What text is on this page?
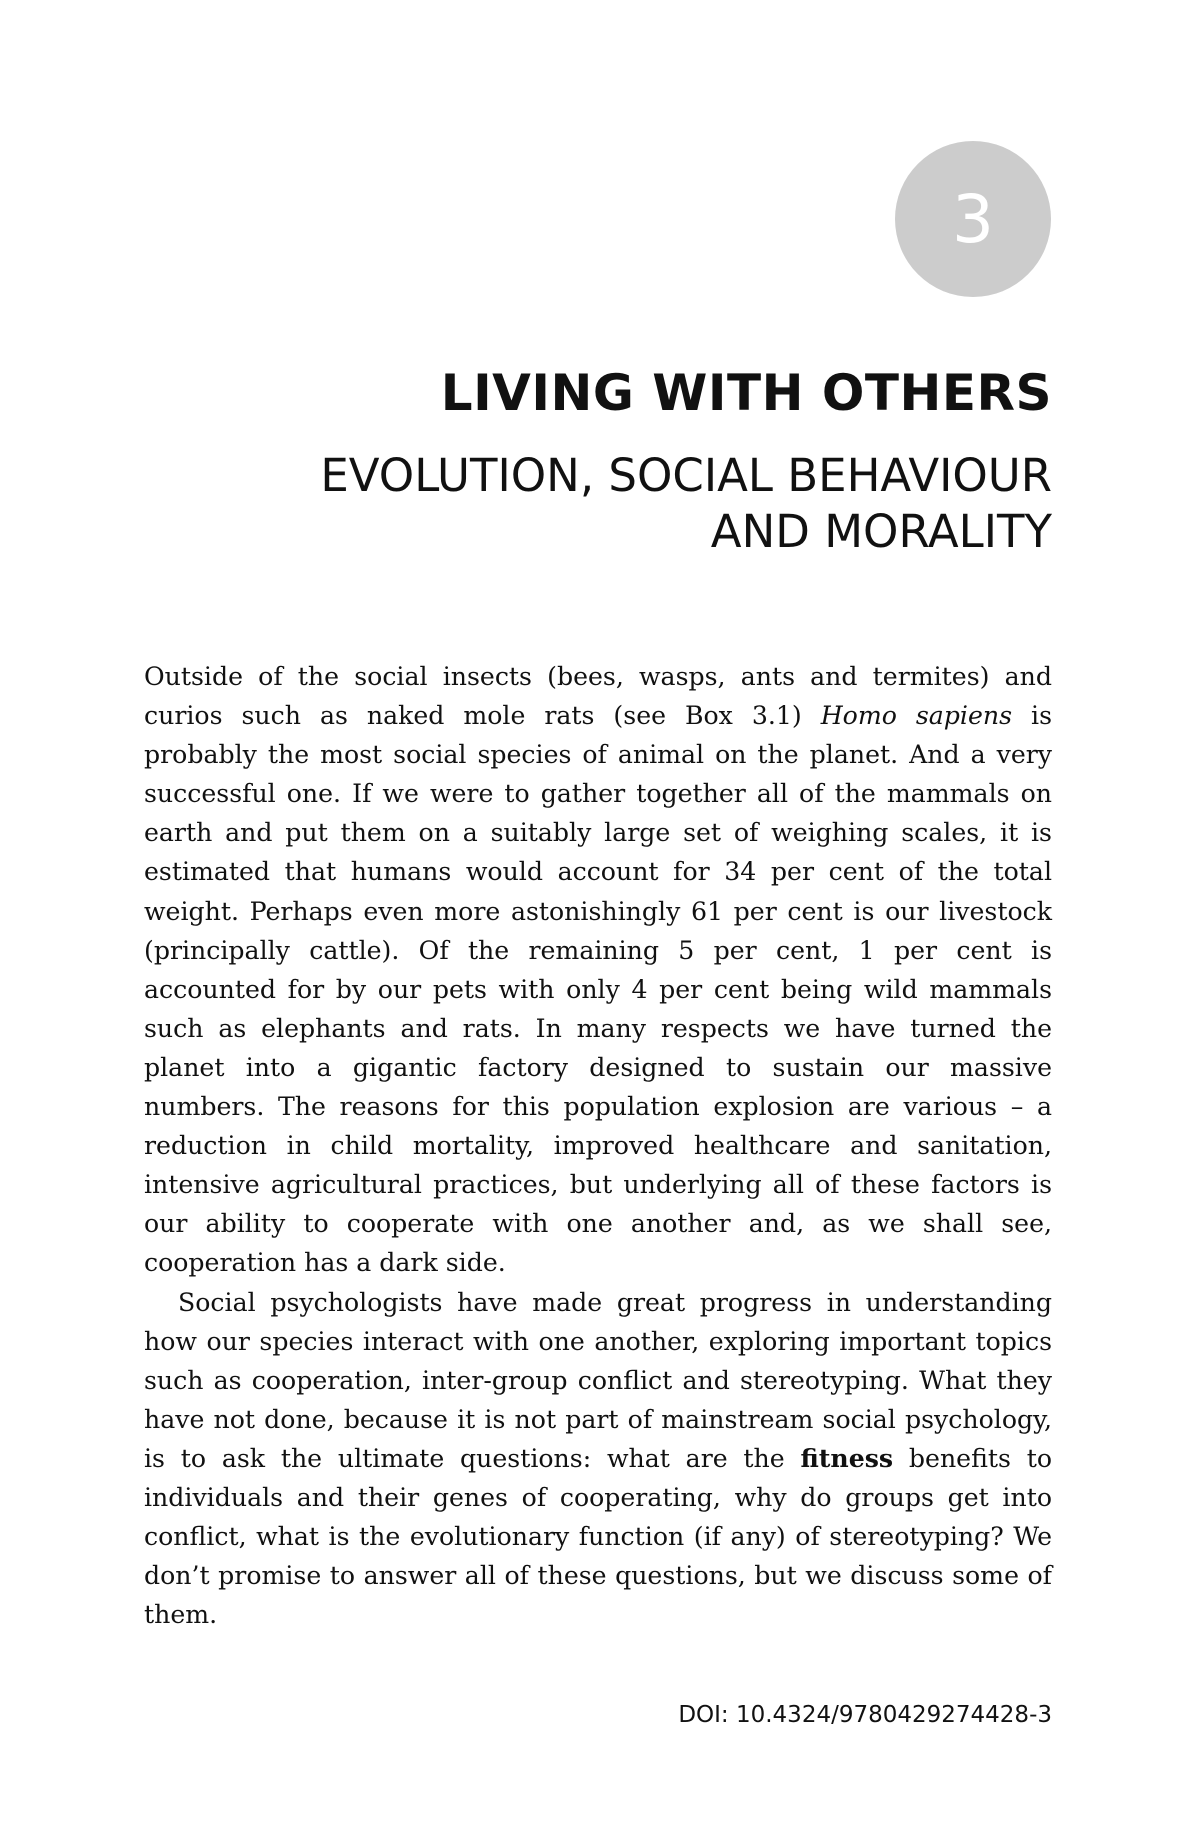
3
LIVING WITH OTHERS
EVOLUTION, SOCIAL BEHAVIOUR
AND MORALITY

Outside of the social insects (bees, wasps, ants and termites) and curios such as naked mole rats (see Box 3.1) Homo sapiens is probably the most social species of animal on the planet. And a very successful one. If we were to gather together all of the mammals on earth and put them on a suitably large set of weighing scales, it is estimated that humans would account for 34 per cent of the total weight. Perhaps even more astonishingly 61 per cent is our livestock (principally cattle). Of the remaining 5 per cent, 1 per cent is accounted for by our pets with only 4 per cent being wild mammals such as elephants and rats. In many respects we have turned the planet into a gigantic factory designed to sustain our massive numbers. The reasons for this population explosion are various – a reduction in child mortality, improved healthcare and sanitation, intensive agricultural practices, but underlying all of these factors is our ability to cooperate with one another and, as we shall see, cooperation has a dark side.

Social psychologists have made great progress in understanding how our species interact with one another, exploring important topics such as cooperation, inter-group conflict and stereotyping. What they have not done, because it is not part of mainstream social psychology, is to ask the ultimate questions: what are the fitness benefits to individuals and their genes of cooperating, why do groups get into conflict, what is the evolutionary function (if any) of stereotyping? We don’t promise to answer all of these questions, but we discuss some of them.

DOI: 10.4324/9780429274428-3
